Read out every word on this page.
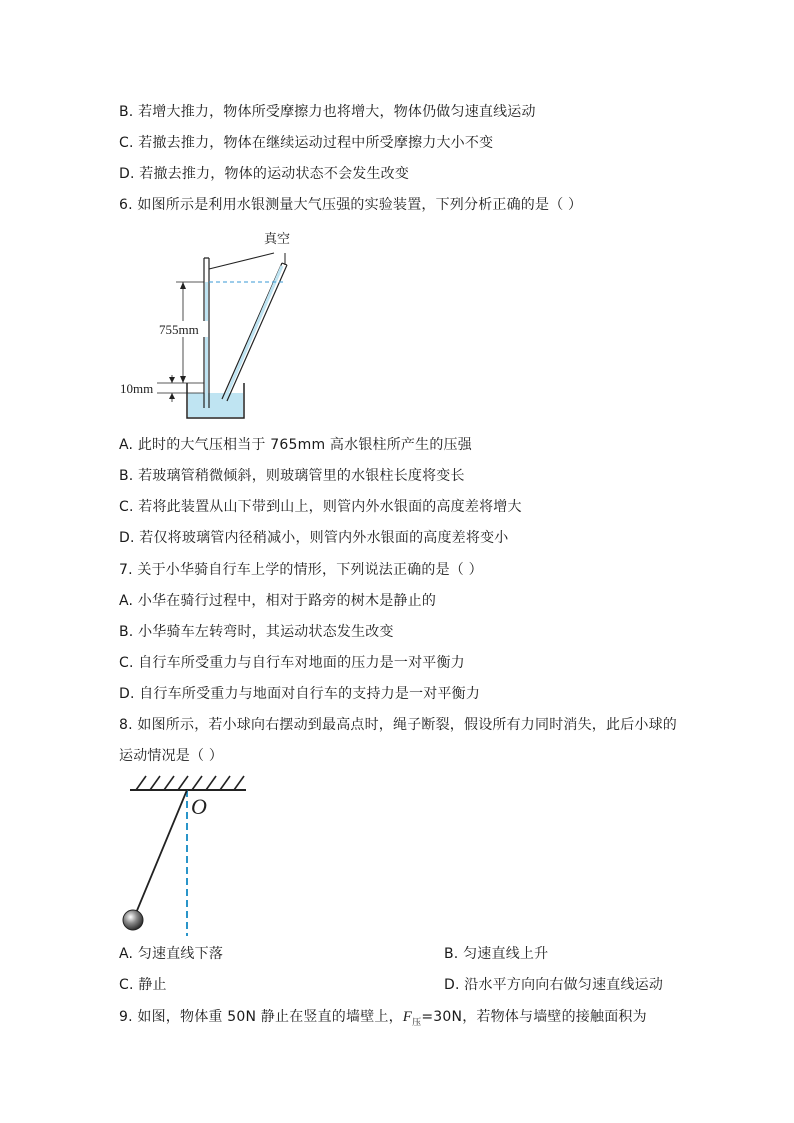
B. 若增大推力，物体所受摩擦力也将增大，物体仍做匀速直线运动
C. 若撤去推力，物体在继续运动过程中所受摩擦力大小不变
D. 若撤去推力，物体的运动状态不会发生改变
6. 如图所示是利用水银测量大气压强的实验装置，下列分析正确的是（ ）
真空
755mm
10mm
A. 此时的大气压相当于 765mm 高水银柱所产生的压强
B. 若玻璃管稍微倾斜，则玻璃管里的水银柱长度将变长
C. 若将此装置从山下带到山上，则管内外水银面的高度差将增大
D. 若仅将玻璃管内径稍减小，则管内外水银面的高度差将变小
7. 关于小华骑自行车上学的情形，下列说法正确的是（ ）
A. 小华在骑行过程中，相对于路旁的树木是静止的
B. 小华骑车左转弯时，其运动状态发生改变
C. 自行车所受重力与自行车对地面的压力是一对平衡力
D. 自行车所受重力与地面对自行车的支持力是一对平衡力
8. 如图所示，若小球向右摆动到最高点时，绳子断裂，假设所有力同时消失，此后小球的
运动情况是（ ）
O
A. 匀速直线下落	B. 匀速直线上升
C. 静止	D. 沿水平方向向右做匀速直线运动
9. 如图，物体重 50N 静止在竖直的墙壁上，$F_压=30N$，若物体与墙壁的接触面积为
